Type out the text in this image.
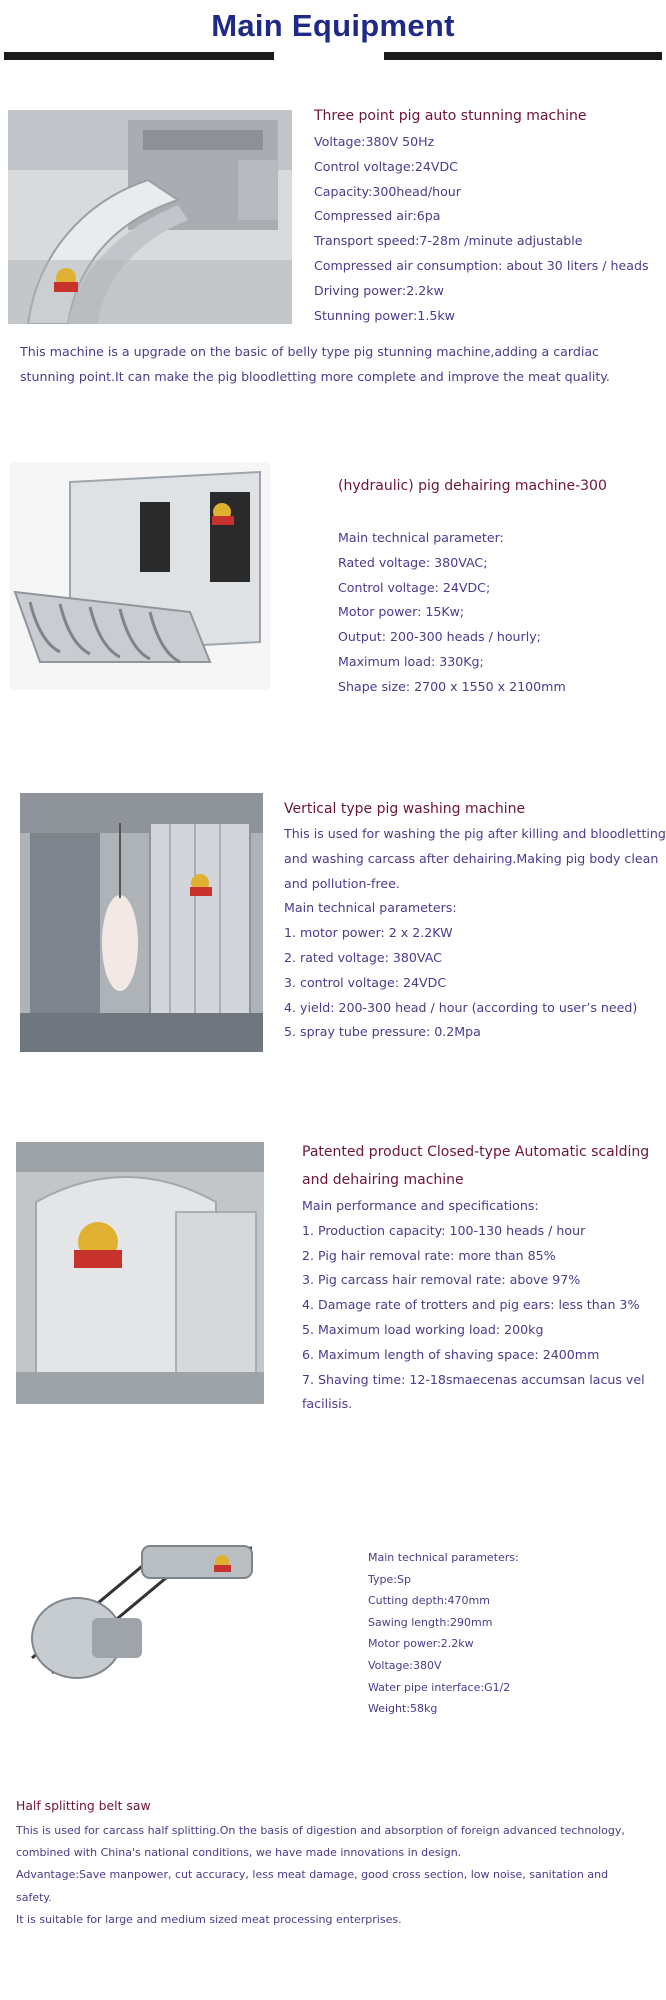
Main Equipment
Three point pig auto stunning machine
Voltage:380V 50Hz
Control voltage:24VDC
Capacity:300head/hour
Compressed air:6pa
Transport speed:7-28m /minute adjustable
Compressed air consumption: about 30 liters / heads
Driving power:2.2kw
Stunning power:1.5kw
This machine is a upgrade on the basic of belly type pig stunning machine,adding a cardiac stunning point.It can make the pig bloodletting more complete and improve the meat quality.
(hydraulic) pig dehairing machine-300
Main technical parameter:
Rated voltage: 380VAC;
Control voltage: 24VDC;
Motor power: 15Kw;
Output: 200-300 heads / hourly;
Maximum load: 330Kg;
Shape size: 2700 x 1550 x 2100mm
Vertical type pig washing machine
This is used for washing the pig after killing and bloodletting
and washing carcass after dehairing.Making pig body clean
and pollution-free.
Main technical parameters:
1. motor power: 2 x 2.2KW
2. rated voltage: 380VAC
3. control voltage: 24VDC
4. yield: 200-300 head / hour (according to user’s need)
5. spray tube pressure: 0.2Mpa
Patented product Closed-type Automatic scalding
and dehairing machine
Main performance and specifications:
1. Production capacity: 100-130 heads / hour
2. Pig hair removal rate: more than 85%
3. Pig carcass hair removal rate: above 97%
4. Damage rate of trotters and pig ears: less than 3%
5. Maximum load working load: 200kg
6. Maximum length of shaving space: 2400mm
7. Shaving time: 12-18smaecenas accumsan lacus vel
facilisis.
Main technical parameters:
Type:Sp
Cutting depth:470mm
Sawing length:290mm
Motor power:2.2kw
Voltage:380V
Water pipe interface:G1/2
Weight:58kg
Half splitting belt saw
This is used for carcass half splitting.On the basis of digestion and absorption of foreign advanced technology,
combined with China's national conditions, we have made innovations in design.
Advantage:Save manpower, cut accuracy, less meat damage, good cross section, low noise, sanitation and
safety.
It is suitable for large and medium sized meat processing enterprises.
